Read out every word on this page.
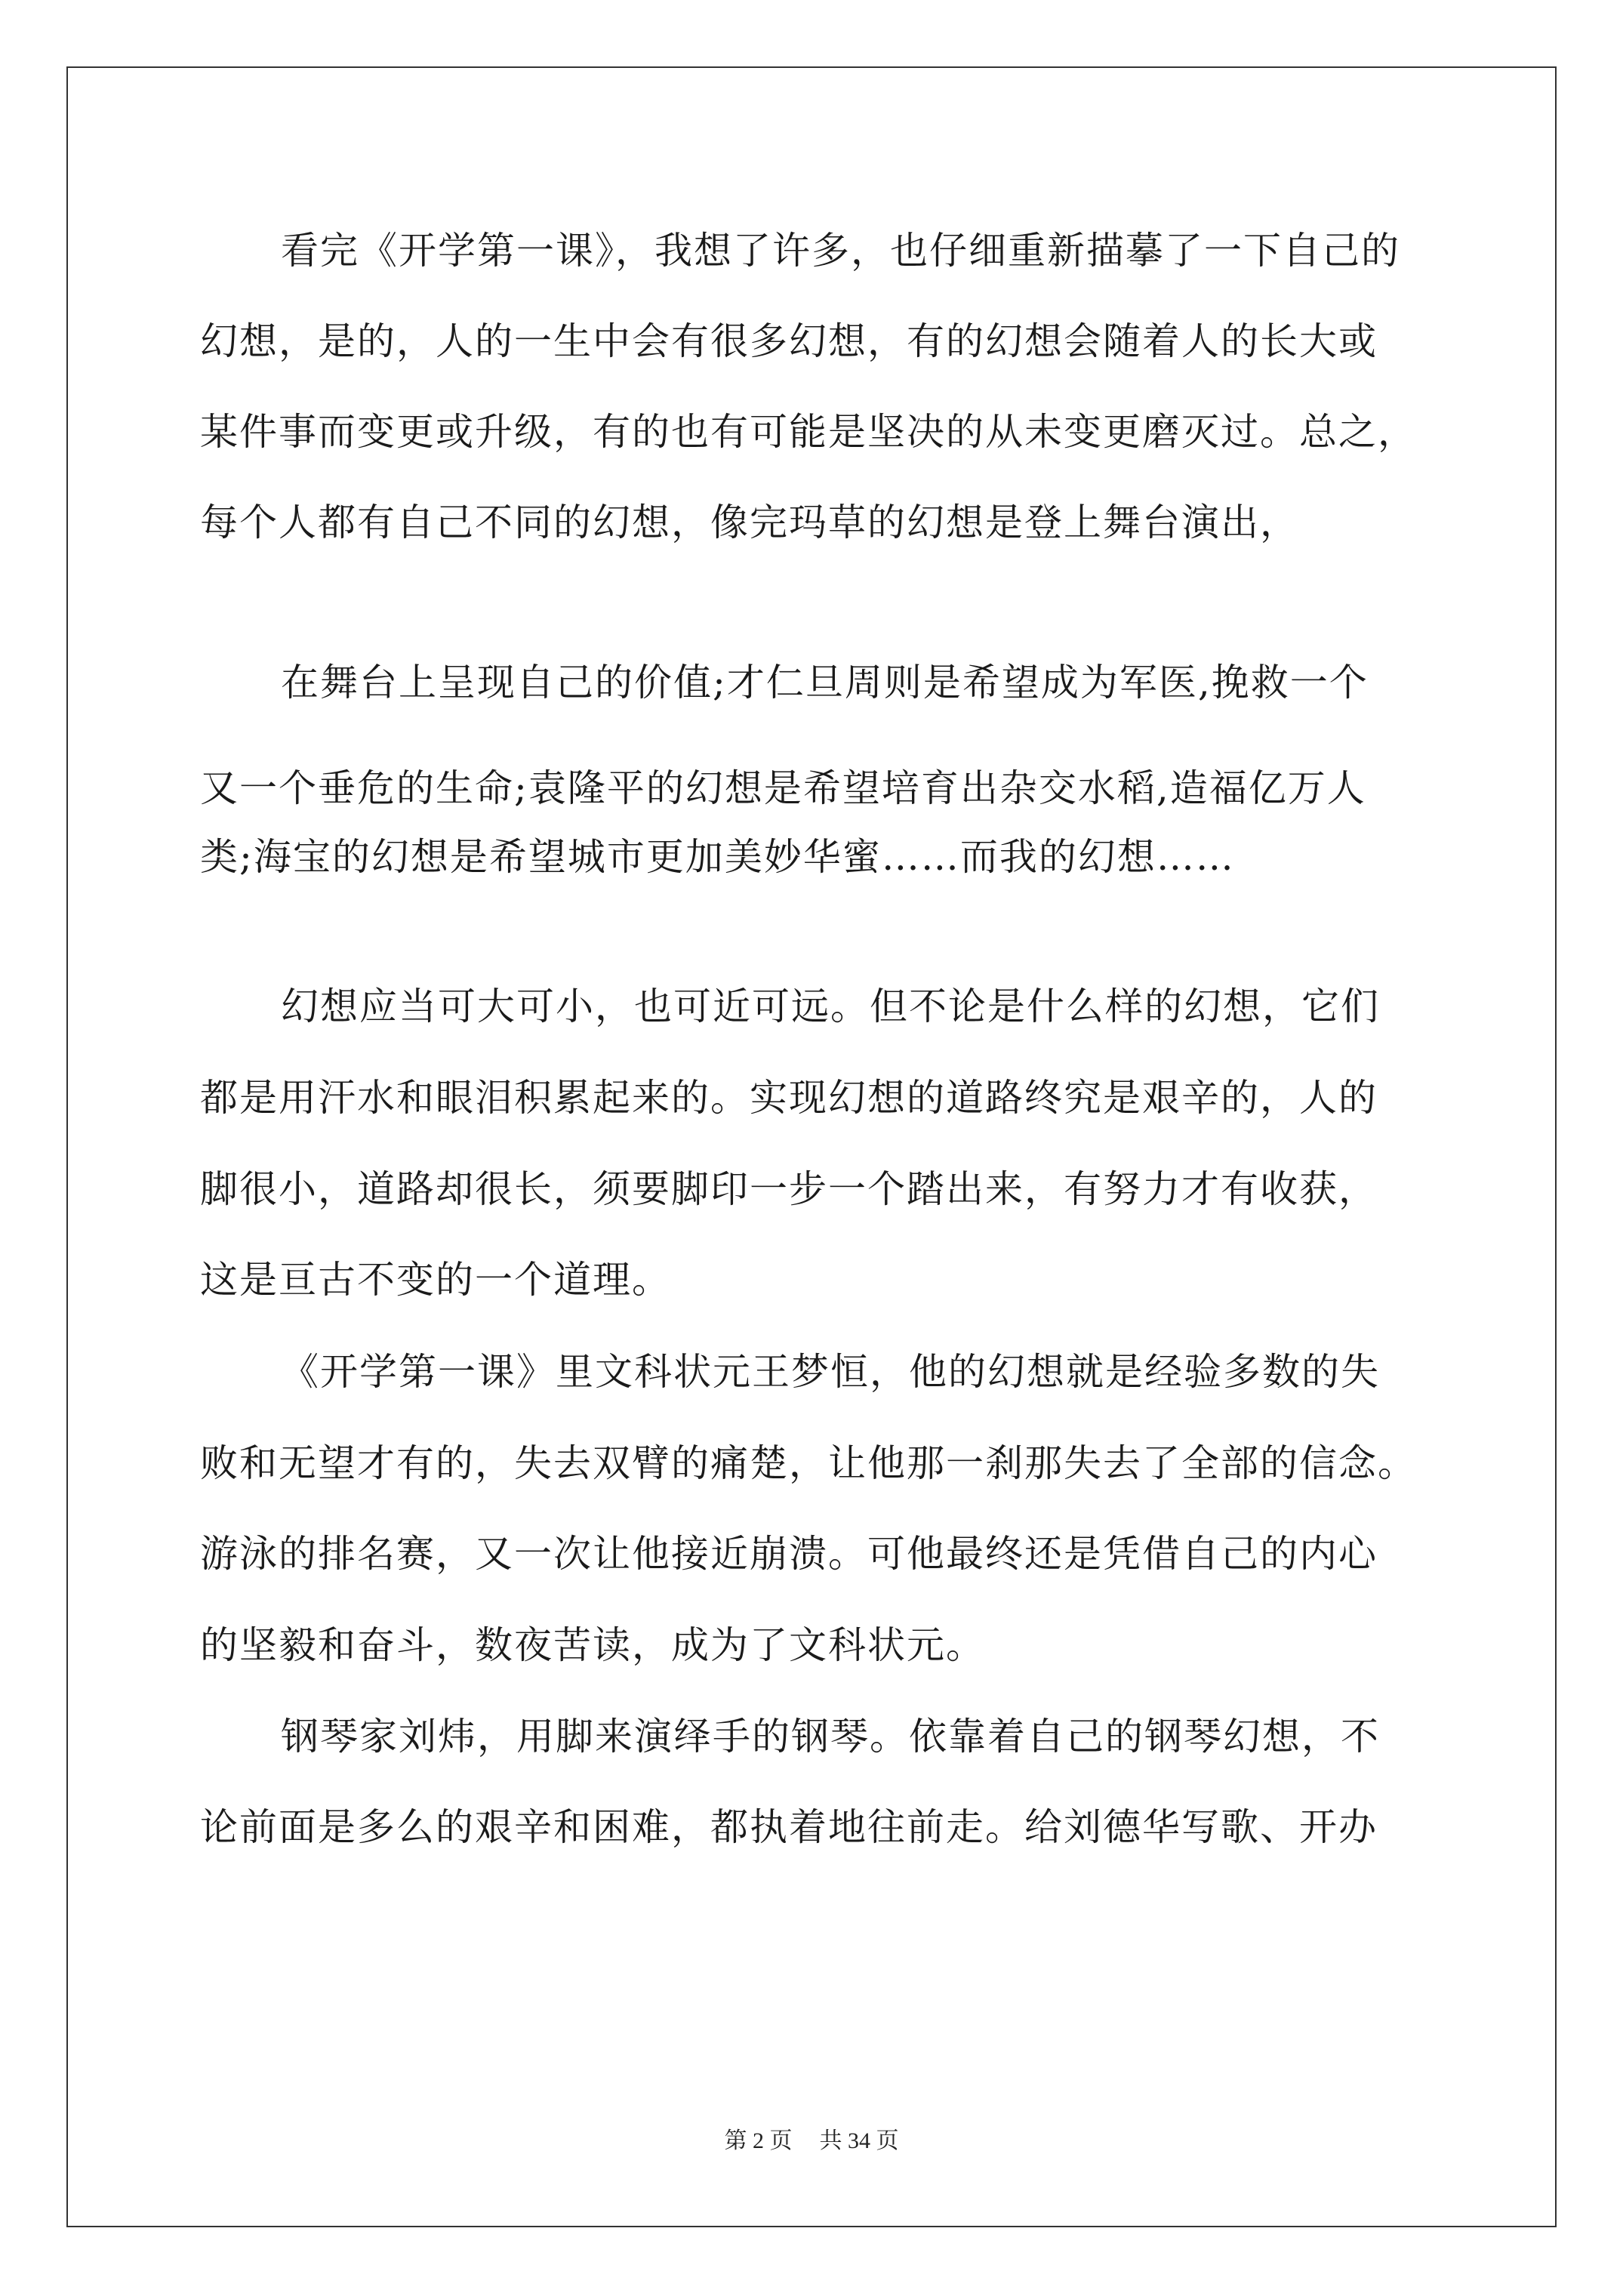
看完《开学第一课》，我想了许多，也仔细重新描摹了一下自己的

幻想，是的，人的一生中会有很多幻想，有的幻想会随着人的长大或

某件事而变更或升级，有的也有可能是坚决的从未变更磨灭过。总之，

每个人都有自己不同的幻想，像完玛草的幻想是登上舞台演出，

在舞台上呈现自己的价值;才仁旦周则是希望成为军医,挽救一个

又一个垂危的生命;袁隆平的幻想是希望培育出杂交水稻,造福亿万人

类;海宝的幻想是希望城市更加美妙华蜜……而我的幻想……

幻想应当可大可小，也可近可远。但不论是什么样的幻想，它们

都是用汗水和眼泪积累起来的。实现幻想的道路终究是艰辛的，人的

脚很小，道路却很长，须要脚印一步一个踏出来，有努力才有收获，

这是亘古不变的一个道理。

《开学第一课》里文科状元王梦恒，他的幻想就是经验多数的失

败和无望才有的，失去双臂的痛楚，让他那一刹那失去了全部的信念。

游泳的排名赛，又一次让他接近崩溃。可他最终还是凭借自己的内心

的坚毅和奋斗，数夜苦读，成为了文科状元。

钢琴家刘炜，用脚来演绎手的钢琴。依靠着自己的钢琴幻想，不

论前面是多么的艰辛和困难，都执着地往前走。给刘德华写歌、开办

第 2 页 共 34 页
